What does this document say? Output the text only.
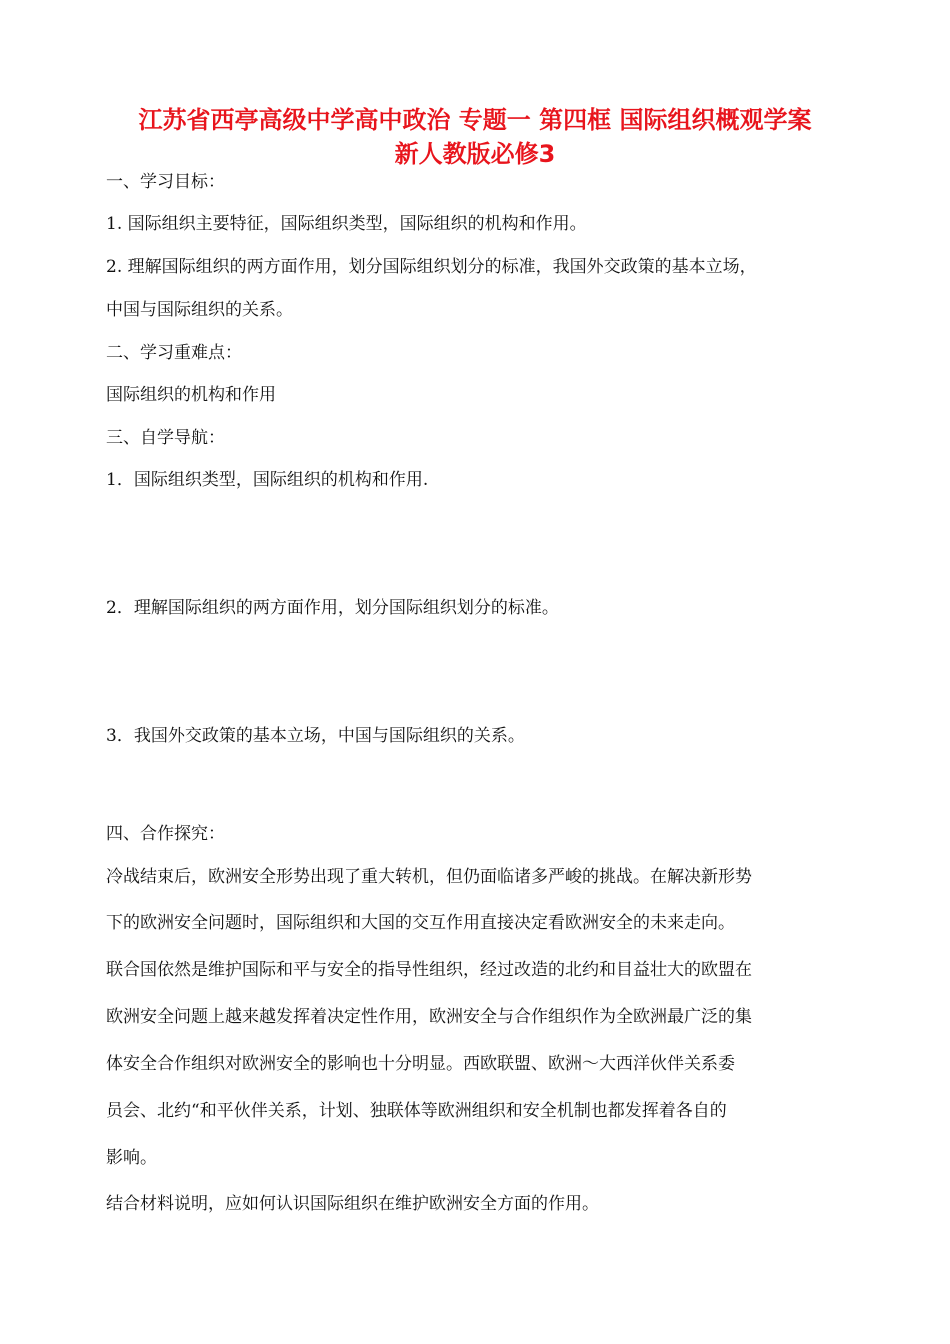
江苏省西亭高级中学高中政治 专题一 第四框 国际组织概观学案
新人教版必修3
一、学习目标：
1. 国际组织主要特征，国际组织类型，国际组织的机构和作用。
2. 理解国际组织的两方面作用，划分国际组织划分的标准，我国外交政策的基本立场，
中国与国际组织的关系。
二、学习重难点：
国际组织的机构和作用
三、自学导航：
1．国际组织类型，国际组织的机构和作用.
2．理解国际组织的两方面作用，划分国际组织划分的标准。
3．我国外交政策的基本立场，中国与国际组织的关系。
四、合作探究：
冷战结束后，欧洲安全形势出现了重大转机，但仍面临诸多严峻的挑战。在解决新形势
下的欧洲安全问题时，国际组织和大国的交互作用直接决定看欧洲安全的未来走向。
联合国依然是维护国际和平与安全的指导性组织，经过改造的北约和目益壮大的欧盟在
欧洲安全问题上越来越发挥着决定性作用，欧洲安全与合作组织作为全欧洲最广泛的集
体安全合作组织对欧洲安全的影响也十分明显。西欧联盟、欧洲～大西洋伙伴关系委
员会、北约“和平伙伴关系，计划、独联体等欧洲组织和安全机制也都发挥着各自的
影响。
结合材料说明，应如何认识国际组织在维护欧洲安全方面的作用。
